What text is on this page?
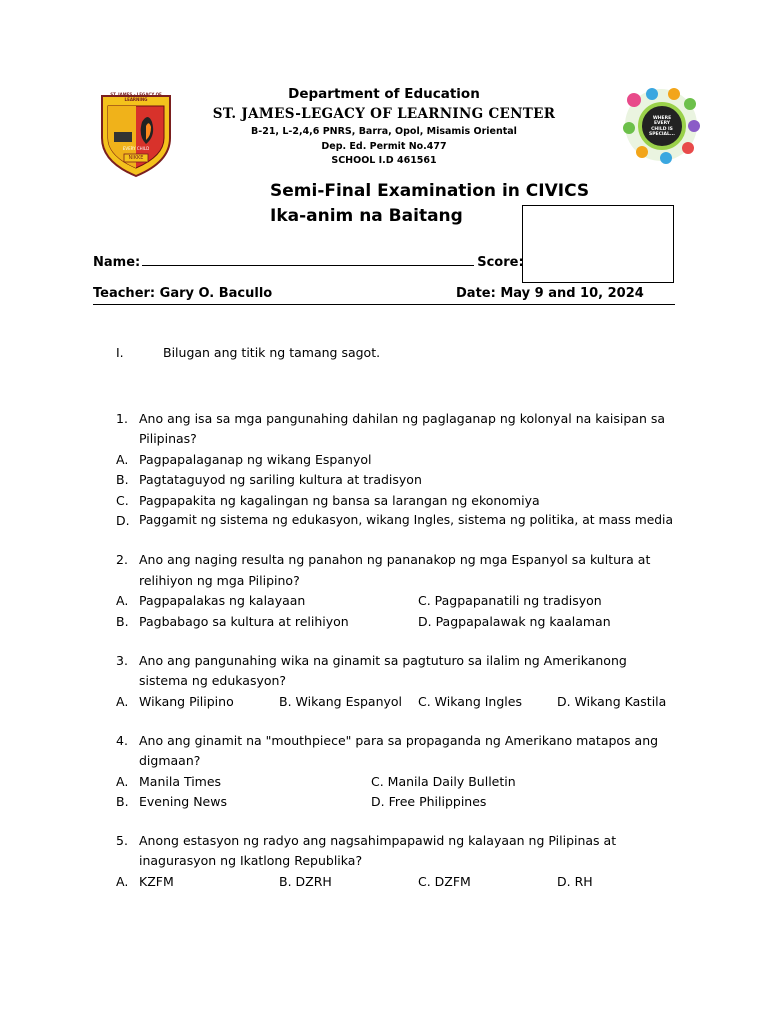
ST. JAMES - LEGACY OF LEARNING
EVERY CHILD
NIKKE
WHERE
EVERY
CHILD IS
SPECIAL...
Department of Education
ST. JAMES-LEGACY OF LEARNING CENTER
B-21, L-2,4,6 PNRS, Barra, Opol, Misamis Oriental
Dep. Ed. Permit No.477
SCHOOL I.D 461561
Semi-Final Examination in CIVICS
Ika-anim na Baitang
Name:	Score:
Teacher: Gary O. Bacullo	Date: May 9 and 10, 2024
I.	Bilugan ang titik ng tamang sagot.
1. Ano ang isa sa mga pangunahing dahilan ng paglaganap ng kolonyal na kaisipan sa
Pilipinas?
A. Pagpapalaganap ng wikang Espanyol
B. Pagtataguyod ng sariling kultura at tradisyon
C. Pagpapakita ng kagalingan ng bansa sa larangan ng ekonomiya
D. Paggamit ng sistema ng edukasyon, wikang Ingles, sistema ng politika, at mass media
2. Ano ang naging resulta ng panahon ng pananakop ng mga Espanyol sa kultura at
relihiyon ng mga Pilipino?
A. Pagpapalakas ng kalayaan	C. Pagpapanatili ng tradisyon
B. Pagbabago sa kultura at relihiyon	D. Pagpapalawak ng kaalaman
3. Ano ang pangunahing wika na ginamit sa pagtuturo sa ilalim ng Amerikanong
sistema ng edukasyon?
A. Wikang Pilipino	B. Wikang Espanyol C. Wikang Ingles	D. Wikang Kastila
4. Ano ang ginamit na "mouthpiece" para sa propaganda ng Amerikano matapos ang
digmaan?
A. Manila Times	C. Manila Daily Bulletin
B. Evening News	D. Free Philippines
5. Anong estasyon ng radyo ang nagsahimpapawid ng kalayaan ng Pilipinas at
inagurasyon ng Ikatlong Republika?
A. KZFM	B. DZRH	C. DZFM	D. RH
